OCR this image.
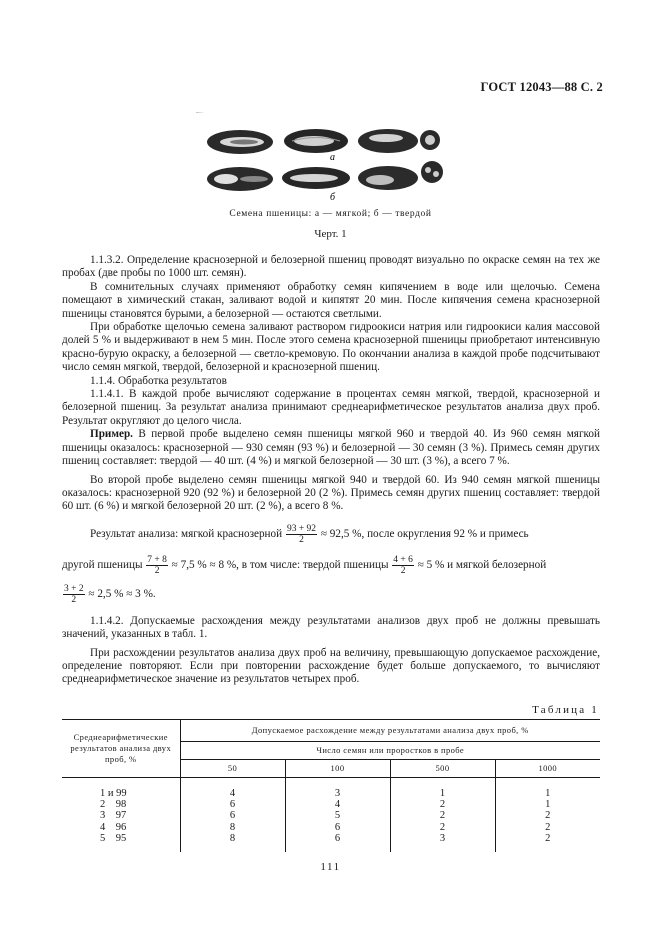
ГОСТ 12043—88 С. 2
а
б
Семена пшеницы: а — мягкой; б — твердой
Черт. 1

1.1.3.2. Определение краснозерной и белозерной пшениц проводят визуально по окраске семян на тех же пробах (две пробы по 1000 шт. семян).

В сомнительных случаях применяют обработку семян кипячением в воде или щелочью. Семена помещают в химический стакан, заливают водой и кипятят 20 мин. После кипячения семена краснозерной пшеницы становятся бурыми, а белозерной — остаются светлыми.

При обработке щелочью семена заливают раствором гидроокиси натрия или гидроокиси калия массовой долей 5 % и выдерживают в нем 5 мин. После этого семена краснозерной пшеницы приобретают интенсивную красно-бурую окраску, а белозерной — светло-кремовую. По окончании анализа в каждой пробе подсчитывают число семян мягкой, твердой, белозерной и краснозерной пшениц.

1.1.4. Обработка результатов

1.1.4.1. В каждой пробе вычисляют содержание в процентах семян мягкой, твердой, краснозерной и белозерной пшениц. За результат анализа принимают среднеарифметическое результатов анализа двух проб. Результат округляют до целого числа.

Пример. В первой пробе выделено семян пшеницы мягкой 960 и твердой 40. Из 960 семян мягкой пшеницы оказалось: краснозерной — 930 семян (93 %) и белозерной — 30 семян (3 %). Примесь семян других пшениц составляет: твердой — 40 шт. (4 %) и мягкой белозерной — 30 шт. (3 %), а всего 7 %.

Во второй пробе выделено семян пшеницы мягкой 940 и твердой 60. Из 940 семян мягкой пшеницы оказалось: краснозерной 920 (92 %) и белозерной 20 (2 %). Примесь семян других пшениц составляет: твердой 60 шт. (6 %) и мягкой белозерной 20 шт. (2 %), а всего 8 %.

Результат анализа: мягкой краснозерной $\frac{93 + 92}{2} \approx 92,5$ %, после округления 92 % и примесь
другой пшеницы $\frac{7 + 8}{2} \approx 7,5$ % ≈ 8 %, в том числе: твердой пшеницы $\frac{4 + 6}{2} \approx 5$ % и мягкой белозерной
$\frac{3 + 2}{2} \approx 2,5$ % ≈ 3 %.

1.1.4.2. Допускаемые расхождения между результатами анализов двух проб не должны превышать значений, указанных в табл. 1.

При расхождении результатов анализа двух проб на величину, превышающую допускаемое расхождение, определение повторяют. Если при повторении расхождение будет больше допускаемого, то вычисляют среднеарифметическое значение из результатов четырех проб.

Таблица 1
Среднеарифметические результатов анализа двух проб, %	Допускаемое расхождение между результатами анализа двух проб, %			
	Число семян или проростков в пробе			
	50	100	500	1000
1 и 99	4	3	1	1
2    98	6	4	2	1
3    97	6	5	2	2
4    96	8	6	2	2
5    95	8	6	3	2
111
